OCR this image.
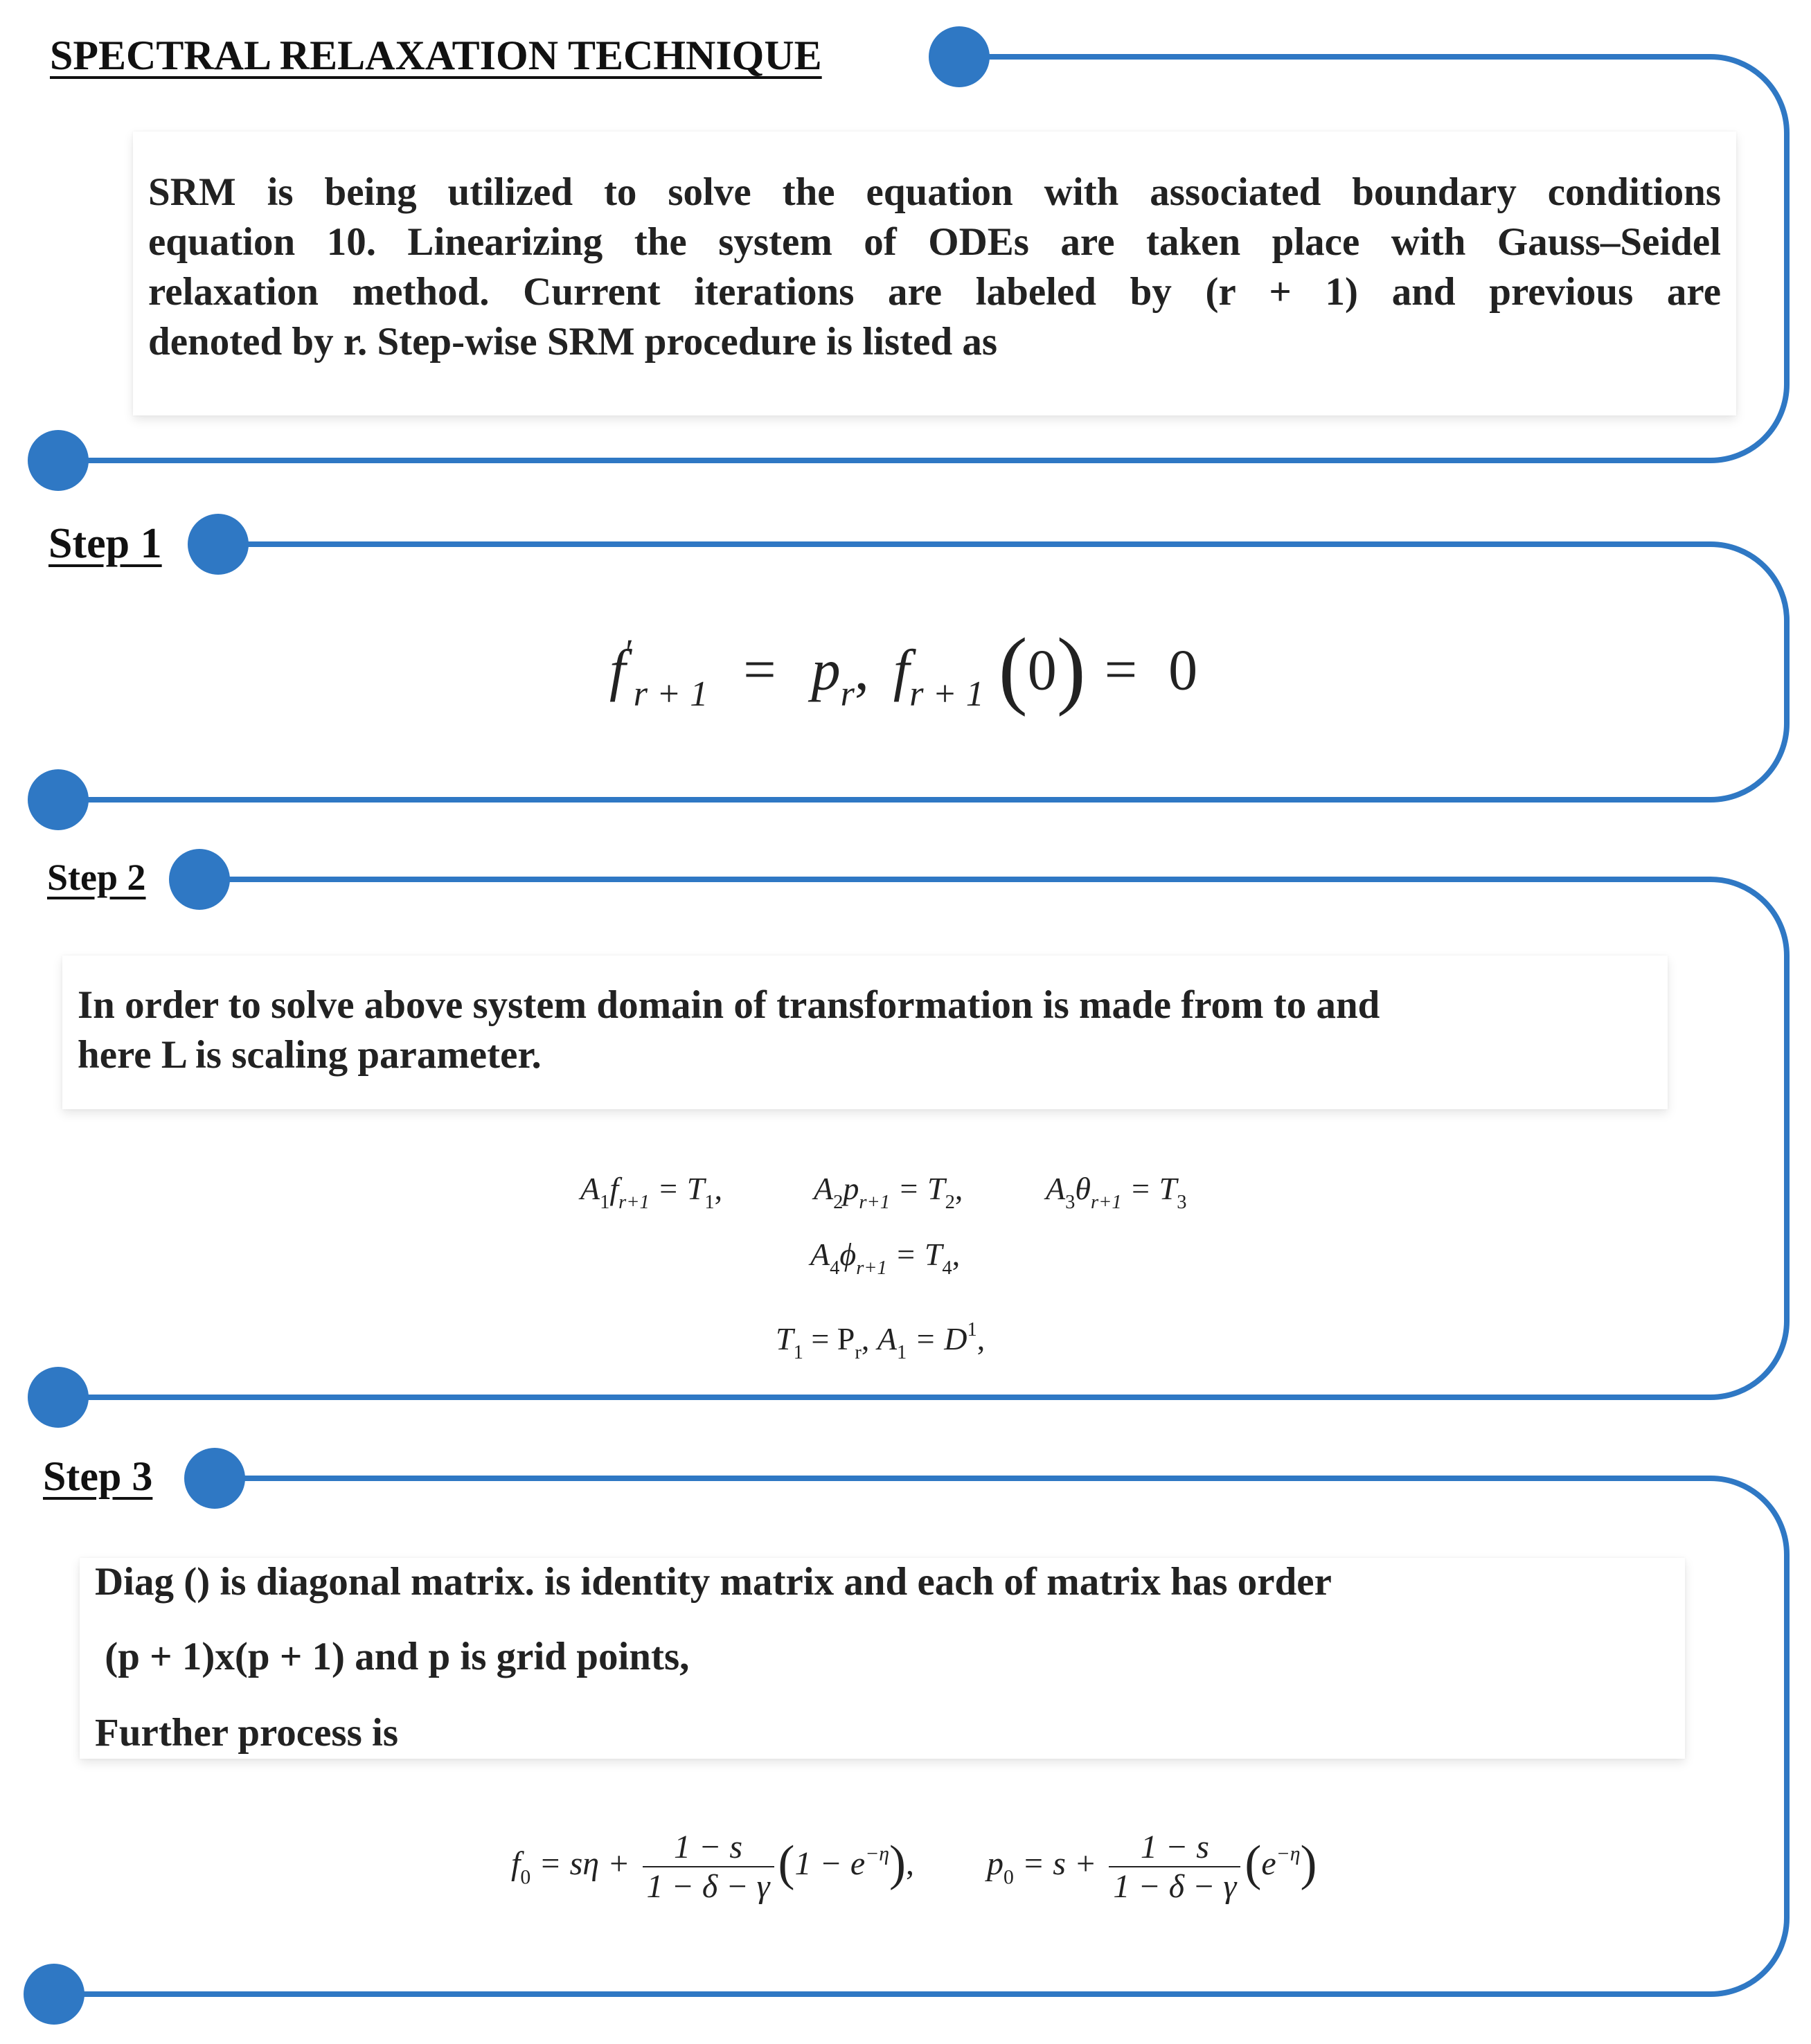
SPECTRAL RELAXATION TECHNIQUE

SRM is being utilized to solve the equation with associated boundary conditions

equation 10. Linearizing the system of ODEs are taken place with Gauss–Seidel

relaxation method. Current iterations are labeled by (r + 1) and previous are

denoted by r. Step-wise SRM procedure is listed as

Step 1
$f'_{r + 1} = p_r$, $f_{r + 1}$ (0) = 0
Step 2

In order to solve above system domain of transformation is made from to and

here L is scaling parameter.

$A_1f_{r+1} = T_1$,	$A_2p_{r+1} = T_2$,	$A_3\theta_{r+1} = T_3$
$A_4\phi_{r+1} = T_4$,
$T_1 = P_r$, $A_1 = D^1$,
Step 3

Diag () is diagonal matrix. is identity matrix and each of matrix has order

(p + 1)x(p + 1) and p is grid points,

Further process is

$f_0 = s\eta + \frac{1 - s}{1 - \delta - \gamma} (1 - e^{-\eta})$, $p_0 = s + \frac{1 - s}{1 - \delta - \gamma} (e^{-\eta})$
